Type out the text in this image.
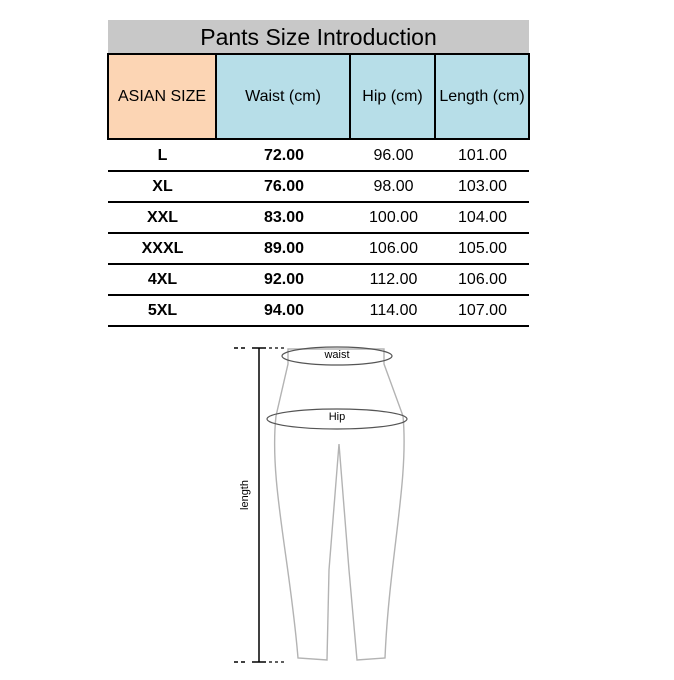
Pants Size Introduction
ASIAN SIZE	Waist (cm)	Hip (cm)	Length (cm)
L	72.00	96.00	101.00
XL	76.00	98.00	103.00
XXL	83.00	100.00	104.00
XXXL	89.00	106.00	105.00
4XL	92.00	112.00	106.00
5XL	94.00	114.00	107.00
waist
Hip
length
